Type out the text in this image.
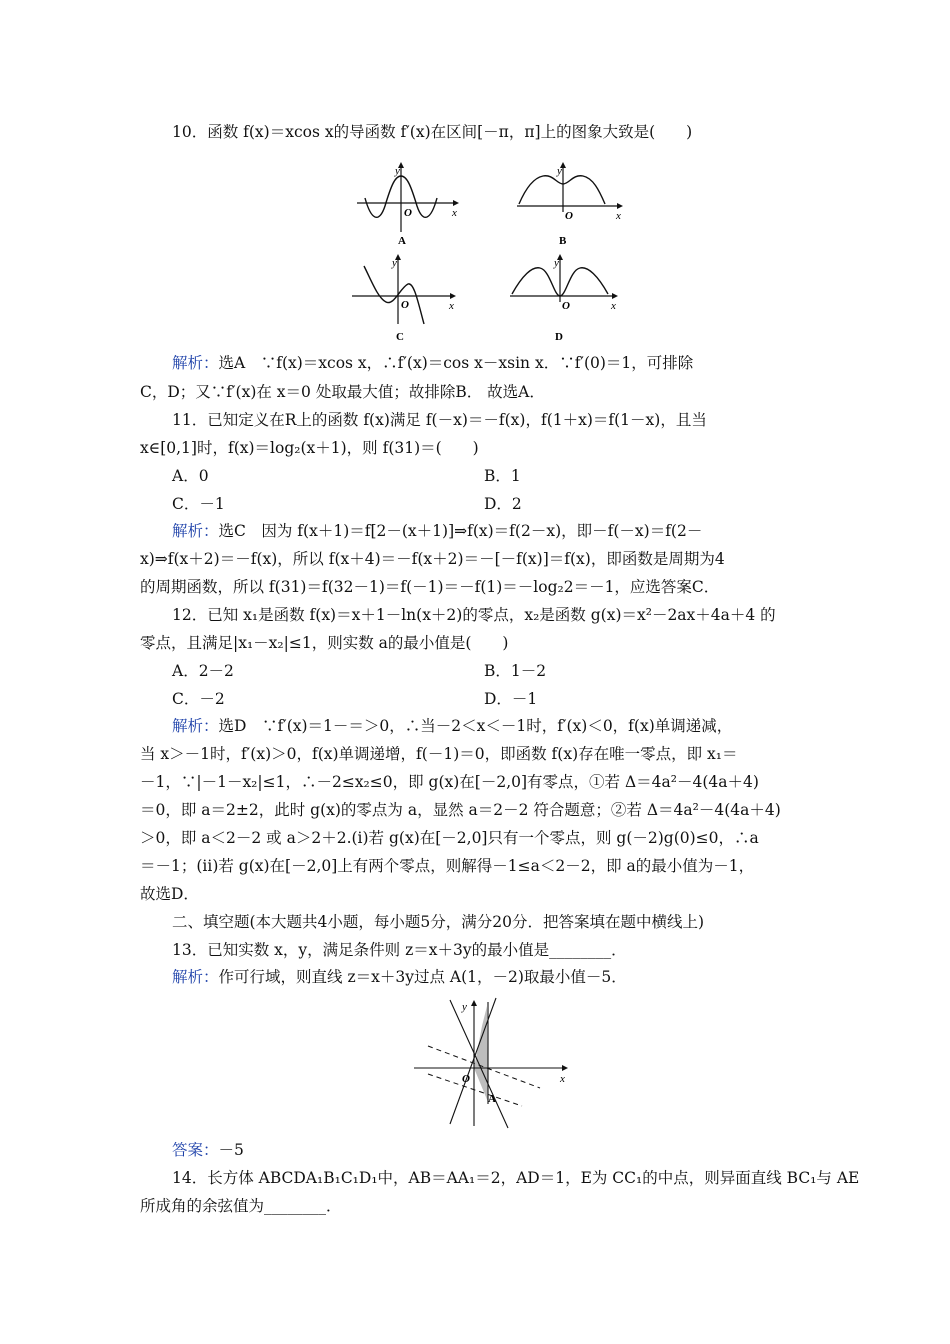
10．函数 f(x)＝xcos x的导函数 f′(x)在区间[－π，π]上的图象大致是(　　)
y
x
O
A
y
x
O
B
y
x
O
C
y
x
O
D
解析：选A　∵f(x)＝xcos x，∴f′(x)＝cos x－xsin x．∵f′(0)＝1，可排除
C，D；又∵f′(x)在 x＝0 处取最大值；故排除B． 故选A．
11．已知定义在R上的函数 f(x)满足 f(－x)＝－f(x)，f(1＋x)＝f(1－x)，且当
x∈[0,1]时，f(x)＝log₂(x＋1)，则 f(31)＝(　　)
A．0	B．1
C．－1	D．2
解析：选C　因为 f(x＋1)＝f[2－(x＋1)]⇒f(x)＝f(2－x)，即－f(－x)＝f(2－
x)⇒f(x＋2)＝－f(x)，所以 f(x＋4)＝－f(x＋2)＝－[－f(x)]＝f(x)，即函数是周期为4
的周期函数，所以 f(31)＝f(32－1)＝f(－1)＝－f(1)＝－log₂2＝－1，应选答案C．
12．已知 x₁是函数 f(x)＝x＋1－ln(x＋2)的零点，x₂是函数 g(x)＝x²－2ax＋4a＋4 的
零点，且满足|x₁－x₂|≤1，则实数 a的最小值是(　　)
A．2－2	B．1－2
C．－2	D．－1
解析：选D　∵f′(x)＝1－＝＞0，∴当－2＜x＜－1时，f′(x)＜0，f(x)单调递减，
当 x＞－1时，f′(x)＞0，f(x)单调递增，f(－1)＝0，即函数 f(x)存在唯一零点，即 x₁＝
－1，∵|－1－x₂|≤1，∴－2≤x₂≤0，即 g(x)在[－2,0]有零点，①若 Δ＝4a²－4(4a＋4)
＝0，即 a＝2±2，此时 g(x)的零点为 a，显然 a＝2－2 符合题意；②若 Δ＝4a²－4(4a＋4)
＞0，即 a＜2－2 或 a＞2＋2.(ⅰ)若 g(x)在[－2,0]只有一个零点，则 g(－2)g(0)≤0，∴a
＝－1；(ⅱ)若 g(x)在[－2,0]上有两个零点，则解得－1≤a＜2－2，即 a的最小值为－1，
故选D．
二、填空题(本大题共4小题，每小题5分，满分20分．把答案填在题中横线上)
13．已知实数 x，y，满足条件则 z＝x＋3y的最小值是________．
解析：作可行域，则直线 z＝x＋3y过点 A(1，－2)取最小值－5．
y
x
O
A
答案：－5
14．长方体 ABCDA₁B₁C₁D₁中，AB＝AA₁＝2，AD＝1，E为 CC₁的中点，则异面直线 BC₁与 AE
所成角的余弦值为________．
